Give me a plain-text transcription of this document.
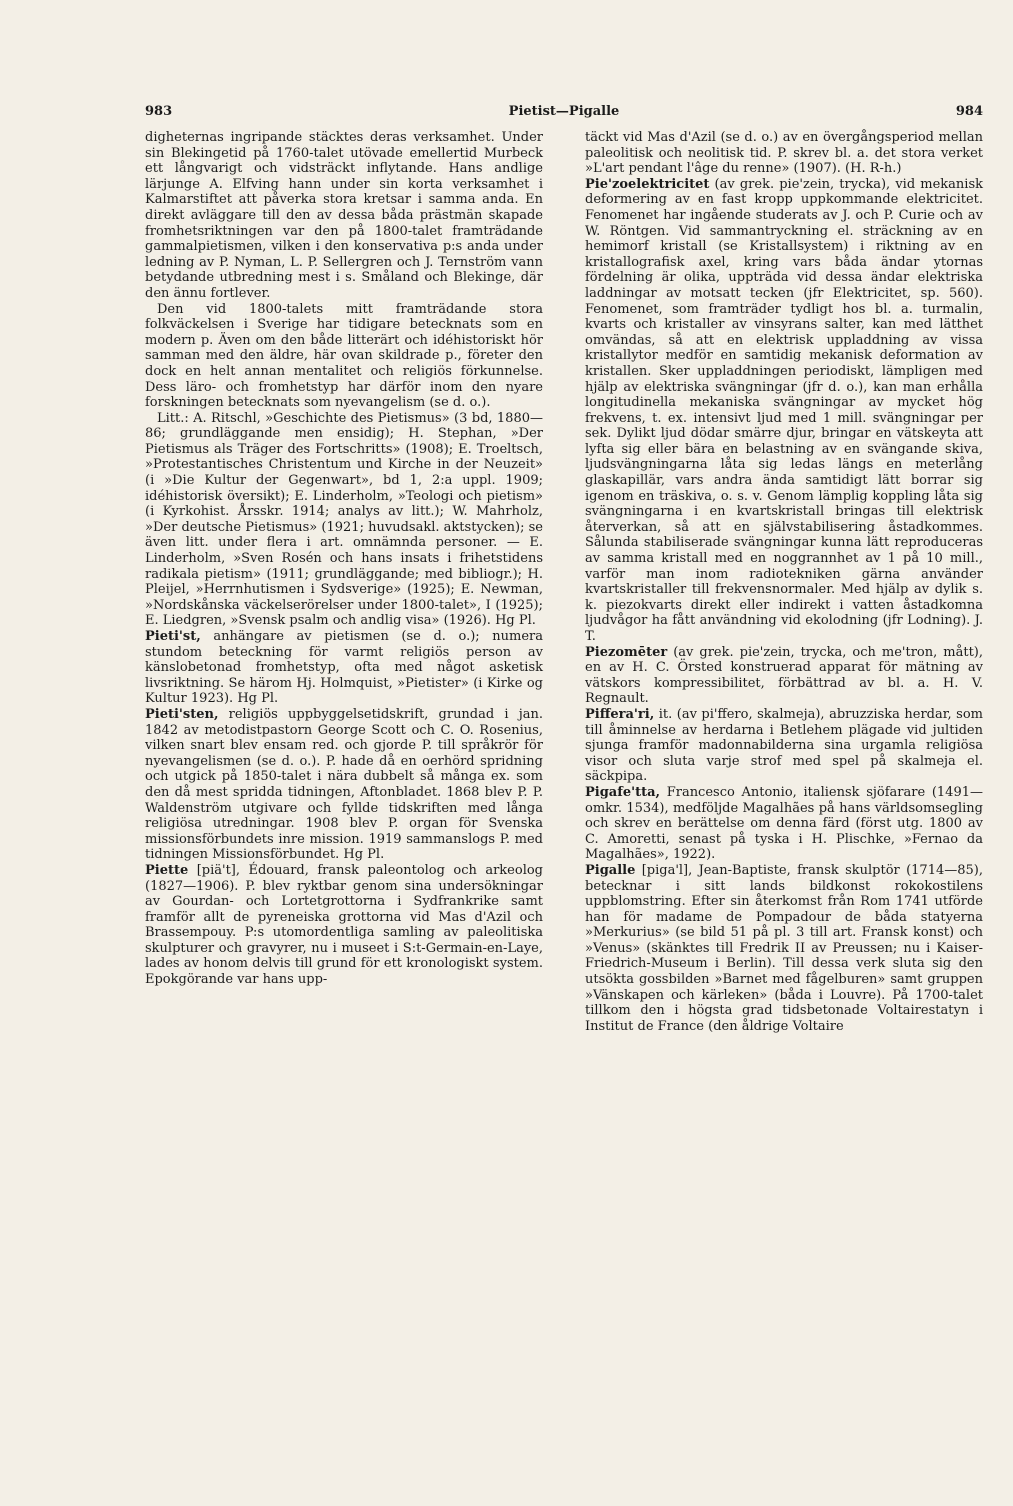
983	Pietist—Pigalle	984

digheternas ingripande stäcktes deras verksamhet. Under sin Blekingetid på 1760-talet utövade emellertid Murbeck ett långvarigt och vidsträckt inflytande. Hans andlige lärjunge A. Elfving hann under sin korta verksamhet i Kalmarstiftet att påverka stora kretsar i samma anda. En direkt avläggare till den av dessa båda prästmän skapade fromhetsriktningen var den på 1800-talet framträdande gammalpietismen, vilken i den konservativa p:s anda under ledning av P. Nyman, L. P. Sellergren och J. Ternström vann betydande utbredning mest i s. Småland och Blekinge, där den ännu fortlever.

Den vid 1800-talets mitt framträdande stora folkväckelsen i Sverige har tidigare betecknats som en modern p. Även om den både litterärt och idéhistoriskt hör samman med den äldre, här ovan skildrade p., företer den dock en helt annan mentalitet och religiös förkunnelse. Dess läro- och fromhetstyp har därför inom den nyare forskningen betecknats som nyevangelism (se d. o.).

Litt.: A. Ritschl, »Geschichte des Pietismus» (3 bd, 1880—86; grundläggande men ensidig); H. Stephan, »Der Pietismus als Träger des Fortschritts» (1908); E. Troeltsch, »Protestantisches Christentum und Kirche in der Neuzeit» (i »Die Kultur der Gegenwart», bd 1, 2:a uppl. 1909; idéhistorisk översikt); E. Linderholm, »Teologi och pietism» (i Kyrkohist. Årsskr. 1914; analys av litt.); W. Mahrholz, »Der deutsche Pietismus» (1921; huvudsakl. aktstycken); se även litt. under flera i art. omnämnda personer. — E. Linderholm, »Sven Rosén och hans insats i frihetstidens radikala pietism» (1911; grundläggande; med bibliogr.); H. Pleijel, »Herrnhutismen i Sydsverige» (1925); E. Newman, »Nordskånska väckelserörelser under 1800-talet», I (1925); E. Liedgren, »Svensk psalm och andlig visa» (1926). Hg Pl.

Pieti'st, anhängare av pietismen (se d. o.); numera stundom beteckning för varmt religiös person av känslobetonad fromhetstyp, ofta med något asketisk livsriktning. Se härom Hj. Holmquist, »Pietister» (i Kirke og Kultur 1923). Hg Pl.

Pieti'sten, religiös uppbyggelsetidskrift, grundad i jan. 1842 av metodistpastorn George Scott och C. O. Rosenius, vilken snart blev ensam red. och gjorde P. till språkrör för nyevangelismen (se d. o.). P. hade då en oerhörd spridning och utgick på 1850-talet i nära dubbelt så många ex. som den då mest spridda tidningen, Aftonbladet. 1868 blev P. P. Waldenström utgivare och fyllde tidskriften med långa religiösa utredningar. 1908 blev P. organ för Svenska missionsförbundets inre mission. 1919 sammanslogs P. med tidningen Missionsförbundet. Hg Pl.

Piette [piä't], Édouard, fransk paleontolog och arkeolog (1827—1906). P. blev ryktbar genom sina undersökningar av Gourdan- och Lortetgrottorna i Sydfrankrike samt framför allt de pyreneiska grottorna vid Mas d'Azil och Brassempouy. P:s utomordentliga samling av paleolitiska skulpturer och gravyrer, nu i museet i S:t-Germain-en-Laye, lades av honom delvis till grund för ett kronologiskt system. Epokgörande var hans upp-

täckt vid Mas d'Azil (se d. o.) av en övergångsperiod mellan paleolitisk och neolitisk tid. P. skrev bl. a. det stora verket »L'art pendant l'âge du renne» (1907). (H. R-h.)

Pie'zoelektricitet (av grek. pie'zein, trycka), vid mekanisk deformering av en fast kropp uppkommande elektricitet. Fenomenet har ingående studerats av J. och P. Curie och av W. Röntgen. Vid sammantryckning el. sträckning av en hemimorf kristall (se Kristallsystem) i riktning av en kristallografisk axel, kring vars båda ändar ytornas fördelning är olika, uppträda vid dessa ändar elektriska laddningar av motsatt tecken (jfr Elektricitet, sp. 560). Fenomenet, som framträder tydligt hos bl. a. turmalin, kvarts och kristaller av vinsyrans salter, kan med lätthet omvändas, så att en elektrisk uppladdning av vissa kristallytor medför en samtidig mekanisk deformation av kristallen. Sker uppladdningen periodiskt, lämpligen med hjälp av elektriska svängningar (jfr d. o.), kan man erhålla longitudinella mekaniska svängningar av mycket hög frekvens, t. ex. intensivt ljud med 1 mill. svängningar per sek. Dylikt ljud dödar smärre djur, bringar en vätskeyta att lyfta sig eller bära en belastning av en svängande skiva, ljudsvängningarna låta sig ledas längs en meterlång glaskapillär, vars andra ända samtidigt lätt borrar sig igenom en träskiva, o. s. v. Genom lämplig koppling låta sig svängningarna i en kvartskristall bringas till elektrisk återverkan, så att en självstabilisering åstadkommes. Sålunda stabiliserade svängningar kunna lätt reproduceras av samma kristall med en noggrannhet av 1 på 10 mill., varför man inom radiotekniken gärna använder kvartskristaller till frekvensnormaler. Med hjälp av dylik s. k. piezokvarts direkt eller indirekt i vatten åstadkomna ljudvågor ha fått användning vid ekolodning (jfr Lodning). J. T.

Piezomēter (av grek. pie'zein, trycka, och me'tron, mått), en av H. C. Örsted konstruerad apparat för mätning av vätskors kompressibilitet, förbättrad av bl. a. H. V. Regnault.

Piffera'ri, it. (av pi'ffero, skalmeja), abruzziska herdar, som till åminnelse av herdarna i Betlehem plägade vid jultiden sjunga framför madonnabilderna sina urgamla religiösa visor och sluta varje strof med spel på skalmeja el. säckpipa.

Pigafe'tta, Francesco Antonio, italiensk sjöfarare (1491—omkr. 1534), medföljde Magalhães på hans världsomsegling och skrev en berättelse om denna färd (först utg. 1800 av C. Amoretti, senast på tyska i H. Plischke, »Fernao da Magalhães», 1922).

Pigalle [piga'l], Jean-Baptiste, fransk skulptör (1714—85), betecknar i sitt lands bildkonst rokokostilens uppblomstring. Efter sin återkomst från Rom 1741 utförde han för madame de Pompadour de båda statyerna »Merkurius» (se bild 51 på pl. 3 till art. Fransk konst) och »Venus» (skänktes till Fredrik II av Preussen; nu i Kaiser-Friedrich-Museum i Berlin). Till dessa verk sluta sig den utsökta gossbilden »Barnet med fågelburen» samt gruppen »Vänskapen och kärleken» (båda i Louvre). På 1700-talet tillkom den i högsta grad tidsbetonade Voltairestatyn i Institut de France (den åldrige Voltaire
